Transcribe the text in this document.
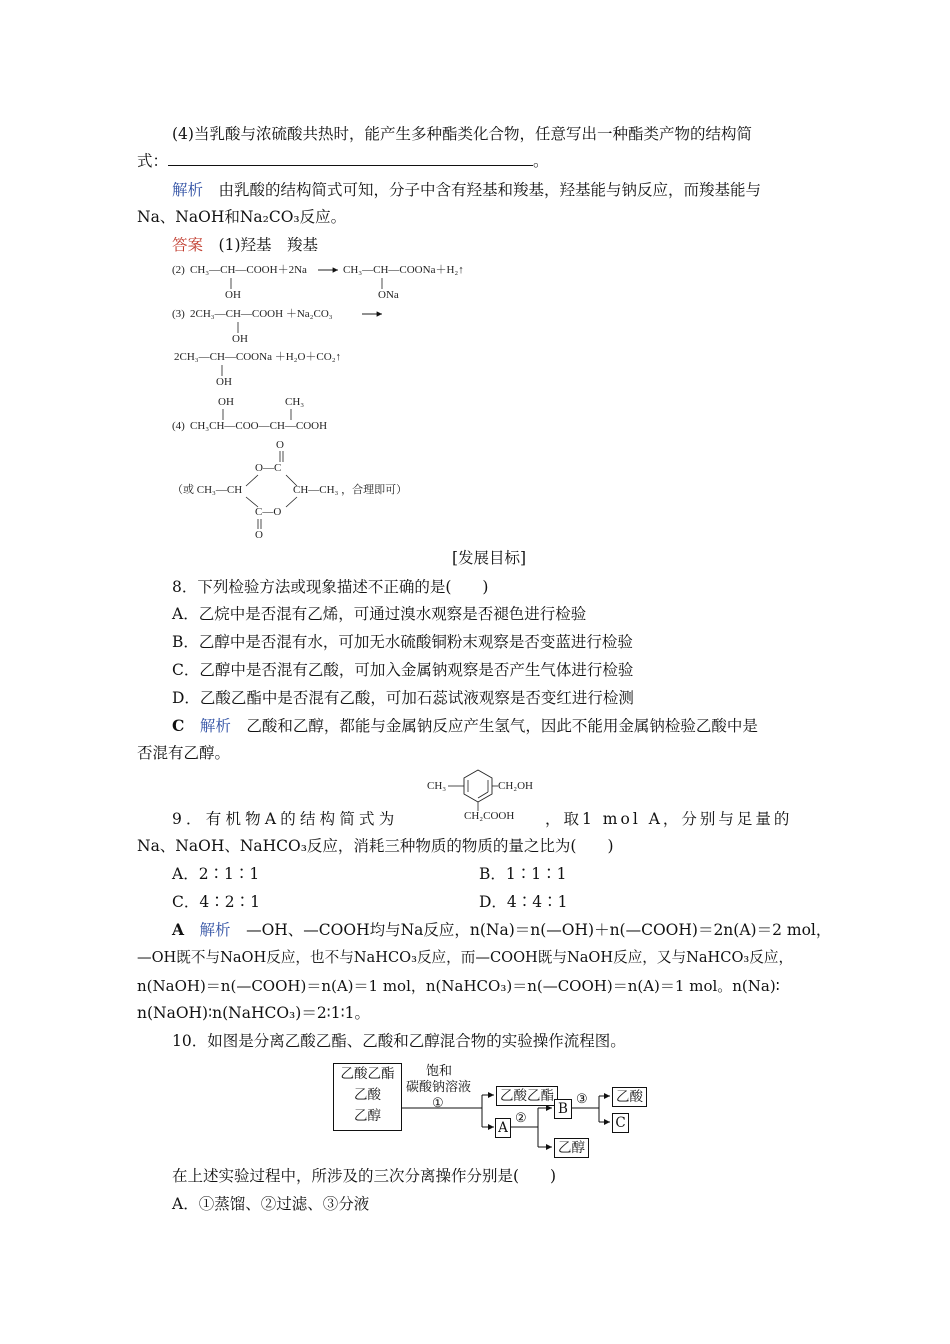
(4)当乳酸与浓硫酸共热时，能产生多种酯类化合物，任意写出一种酯类产物的结构简
式：	。
解析　 由乳酸的结构简式可知，分子中含有羟基和羧基，羟基能与钠反应，而羧基能与
Na、NaOH和Na₂CO₃反应。
答案　 (1)羟基　羧基
(2) CH₃—CH—COOH＋2Na	CH₃—CH—COONa＋H₂↑
OH	ONa
(3) 2CH₃—CH—COOH ＋Na₂CO₃
OH
2CH₃—CH—COONa ＋H₂O＋CO₂↑
OH
OH	CH₃
(4) CH₃CH—COO—CH—COOH
O
O—C
（或 CH₃—CH	CH—CH₃ ，合理即可）
C—O
O
[发展目标]
8．下列检验方法或现象描述不正确的是(　　)
A．乙烷中是否混有乙烯，可通过溴水观察是否褪色进行检验
B．乙醇中是否混有水，可加无水硫酸铜粉末观察是否变蓝进行检验
C．乙醇中是否混有乙酸，可加入金属钠观察是否产生气体进行检验
D．乙酸乙酯中是否混有乙酸，可加石蕊试液观察是否变红进行检测
C　 解析　 乙酸和乙醇，都能与金属钠反应产生氢气，因此不能用金属钠检验乙酸中是
否混有乙醇。
CH₃	CH₂OH
CH₂COOH
9．有机物A的结构简式为	，取1 mol A，分别与足量的
Na、NaOH、NaHCO₃反应，消耗三种物质的物质的量之比为(　　)
A．2∶1∶1	B．1∶1∶1
C．4∶2∶1	D．4∶4∶1
A　 解析　 —OH、—COOH均与Na反应，n(Na)＝n(—OH)＋n(—COOH)＝2n(A)＝2 mol，
—OH既不与NaOH反应，也不与NaHCO₃反应，而—COOH既与NaOH反应，又与NaHCO₃反应，
n(NaOH)＝n(—COOH)＝n(A)＝1 mol，n(NaHCO₃)＝n(—COOH)＝n(A)＝1 mol。n(Na)∶
n(NaOH)∶n(NaHCO₃)＝2∶1∶1。
10．如图是分离乙酸乙酯、乙酸和乙醇混合物的实验操作流程图。
乙酸乙酯
乙酸
乙醇
饱和
碳酸钠溶液
①	乙酸乙酯
A
②
B
③ 乙酸
C
乙醇
在上述实验过程中，所涉及的三次分离操作分别是(　　)
A．①蒸馏、②过滤、③分液
